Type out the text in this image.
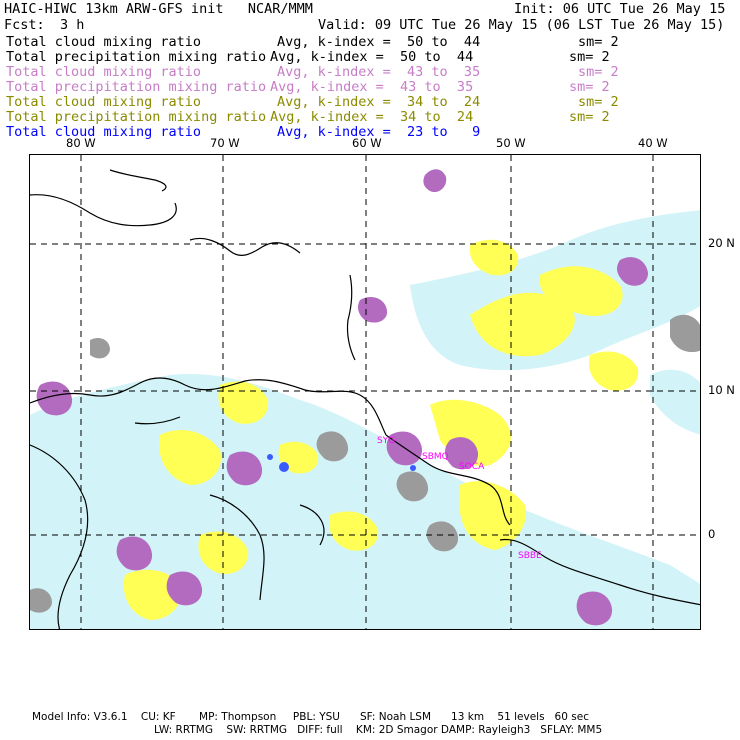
HAIC-HIWC 13km ARW-GFS init   NCAR/MMM	Init: 06 UTC Tue 26 May 15
Fcst: 3 h	Valid: 09 UTC Tue 26 May 15 (06 LST Tue 26 May 15)
Total cloud mixing ratio	Avg, k-index =  50 to  44	sm= 2
Total precipitation mixing ratio Avg, k-index =  50 to  44	sm= 2
Total cloud mixing ratio	Avg, k-index =  43 to  35	sm= 2
Total precipitation mixing ratio Avg, k-index =  43 to  35	sm= 2
Total cloud mixing ratio	Avg, k-index =  34 to  24	sm= 2
Total precipitation mixing ratio Avg, k-index =  34 to  24	sm= 2
Total cloud mixing ratio	Avg, k-index =  23 to   9
80 W	70 W	60 W	50 W	40 W
20 N
10 N
0
SYG
SBMQ
SOCA
SBBE
Model Info: V3.6.1    CU: KF       MP: Thompson     PBL: YSU      SF: Noah LSM      13 km    51 levels   60 sec
LW: RRTMG    SW: RRTMG   DIFF: full    KM: 2D Smagor DAMP: Rayleigh3   SFLAY: MM5
